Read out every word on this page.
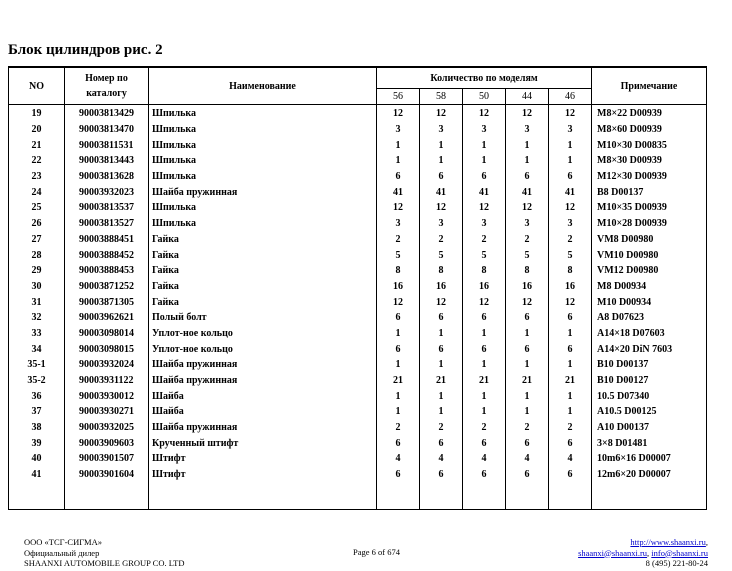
Блок цилиндров рис. 2
NO	Номер по каталогу	Наименование	Количество по моделям					Примечание
			56	58	50	44	46	
19	90003813429	Шпилька	12	12	12	12	12	M8×22 D00939
20	90003813470	Шпилька	3	3	3	3	3	M8×60 D00939
21	90003811531	Шпилька	1	1	1	1	1	M10×30 D00835
22	90003813443	Шпилька	1	1	1	1	1	M8×30 D00939
23	90003813628	Шпилька	6	6	6	6	6	M12×30 D00939
24	90003932023	Шайба пружинная	41	41	41	41	41	B8 D00137
25	90003813537	Шпилька	12	12	12	12	12	M10×35 D00939
26	90003813527	Шпилька	3	3	3	3	3	M10×28 D00939
27	90003888451	Гайка	2	2	2	2	2	VM8 D00980
28	90003888452	Гайка	5	5	5	5	5	VM10 D00980
29	90003888453	Гайка	8	8	8	8	8	VM12 D00980
30	90003871252	Гайка	16	16	16	16	16	M8 D00934
31	90003871305	Гайка	12	12	12	12	12	M10 D00934
32	90003962621	Полый болт	6	6	6	6	6	A8 D07623
33	90003098014	Уплот-ное кольцо	1	1	1	1	1	A14×18 D07603
34	90003098015	Уплот-ное кольцо	6	6	6	6	6	A14×20 DiN 7603
35-1	90003932024	Шайба пружинная	1	1	1	1	1	B10 D00137
35-2	90003931122	Шайба пружинная	21	21	21	21	21	B10 D00127
36	90003930012	Шайба	1	1	1	1	1	10.5 D07340
37	90003930271	Шайба	1	1	1	1	1	A10.5 D00125
38	90003932025	Шайба пружинная	2	2	2	2	2	A10 D00137
39	90003909603	Крученный штифт	6	6	6	6	6	3×8 D01481
40	90003901507	Штифт	4	4	4	4	4	10m6×16 D00007
41	90003901604	Штифт	6	6	6	6	6	12m6×20 D00007

ООО «ТСГ-СИГМА»
Официальный дилер
SHAANXI AUTOMOBILE GROUP CO. LTD
Page 6 of 674
http://www.shaanxi.ru,
shaanxi@shaanxi.ru, info@shaanxi.ru
8 (495) 221-80-24
